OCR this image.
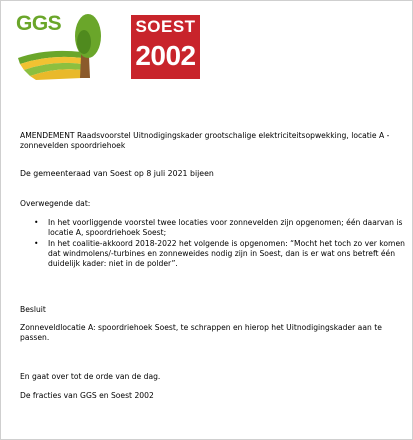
GGS	SOEST
2002
AMENDEMENT Raadsvoorstel Uitnodigingskader grootschalige elektriciteitsopwekking, locatie A - zonnevelden spoordriehoek
De gemeenteraad van Soest op 8 juli 2021 bijeen
Overwegende dat:
• In het voorliggende voorstel twee locaties voor zonnevelden zijn opgenomen; één daarvan is locatie A, spoordriehoek Soest;
• In het coalitie-akkoord 2018-2022 het volgende is opgenomen: “Mocht het toch zo ver komen dat windmolens/-turbines en zonneweides nodig zijn in Soest, dan is er wat ons betreft één duidelijk kader: niet in de polder”.
Besluit
Zonneveldlocatie A: spoordriehoek Soest, te schrappen en hierop het Uitnodigingskader aan te passen.
En gaat over tot de orde van de dag.
De fracties van GGS en Soest 2002
